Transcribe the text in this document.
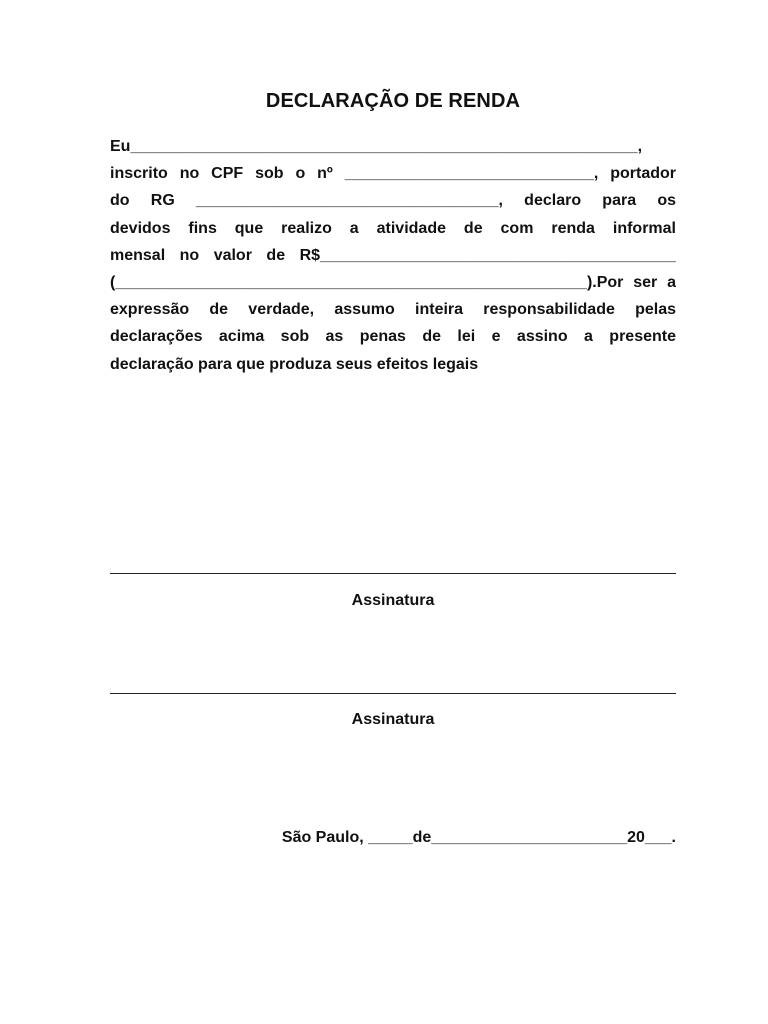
DECLARAÇÃO DE RENDA
Eu_________________________________________________________,
inscrito no CPF sob o nº ____________________________, portador
do RG __________________________________, declaro para os
devidos fins que realizo a atividade de com renda informal
mensal no valor de R$________________________________________
(_____________________________________________________).Por ser a
expressão de verdade, assumo inteira responsabilidade pelas
declarações acima sob as penas de lei e assino a presente
declaração para que produza seus efeitos legais
Assinatura
Assinatura
São Paulo, _____de______________________20___.
